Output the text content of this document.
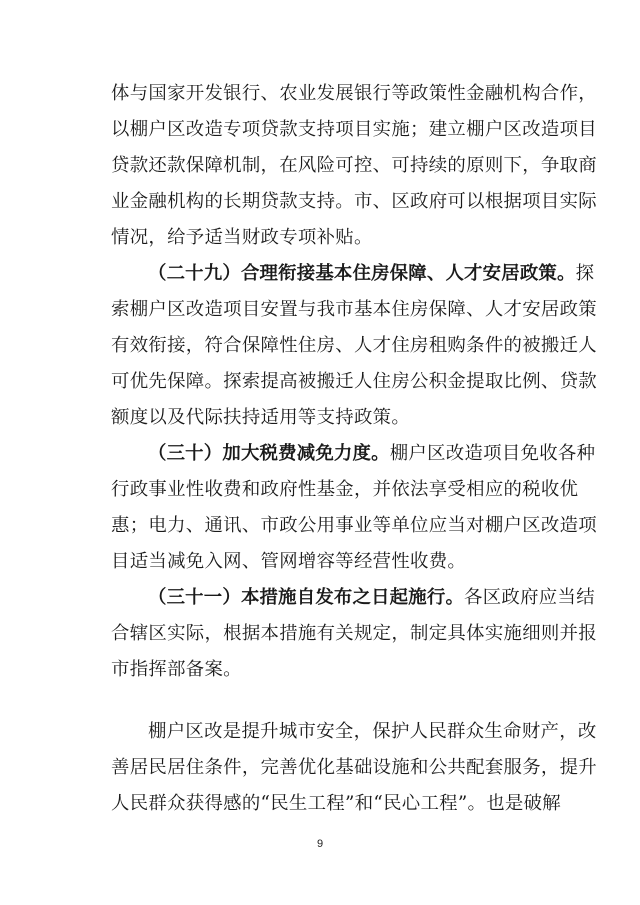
体与国家开发银行、农业发展银行等政策性金融机构合作，
以棚户区改造专项贷款支持项目实施；建立棚户区改造项目
贷款还款保障机制，在风险可控、可持续的原则下，争取商
业金融机构的长期贷款支持。市、区政府可以根据项目实际
情况，给予适当财政专项补贴。
（二十九）合理衔接基本住房保障、人才安居政策。探
索棚户区改造项目安置与我市基本住房保障、人才安居政策
有效衔接，符合保障性住房、人才住房租购条件的被搬迁人
可优先保障。探索提高被搬迁人住房公积金提取比例、贷款
额度以及代际扶持适用等支持政策。
（三十）加大税费减免力度。棚户区改造项目免收各种
行政事业性收费和政府性基金，并依法享受相应的税收优
惠；电力、通讯、市政公用事业等单位应当对棚户区改造项
目适当减免入网、管网增容等经营性收费。
（三十一）本措施自发布之日起施行。各区政府应当结
合辖区实际，根据本措施有关规定，制定具体实施细则并报
市指挥部备案。
棚户区改是提升城市安全，保护人民群众生命财产，改
善居民居住条件，完善优化基础设施和公共配套服务，提升
人民群众获得感的“民生工程”和“民心工程”。也是破解
9
